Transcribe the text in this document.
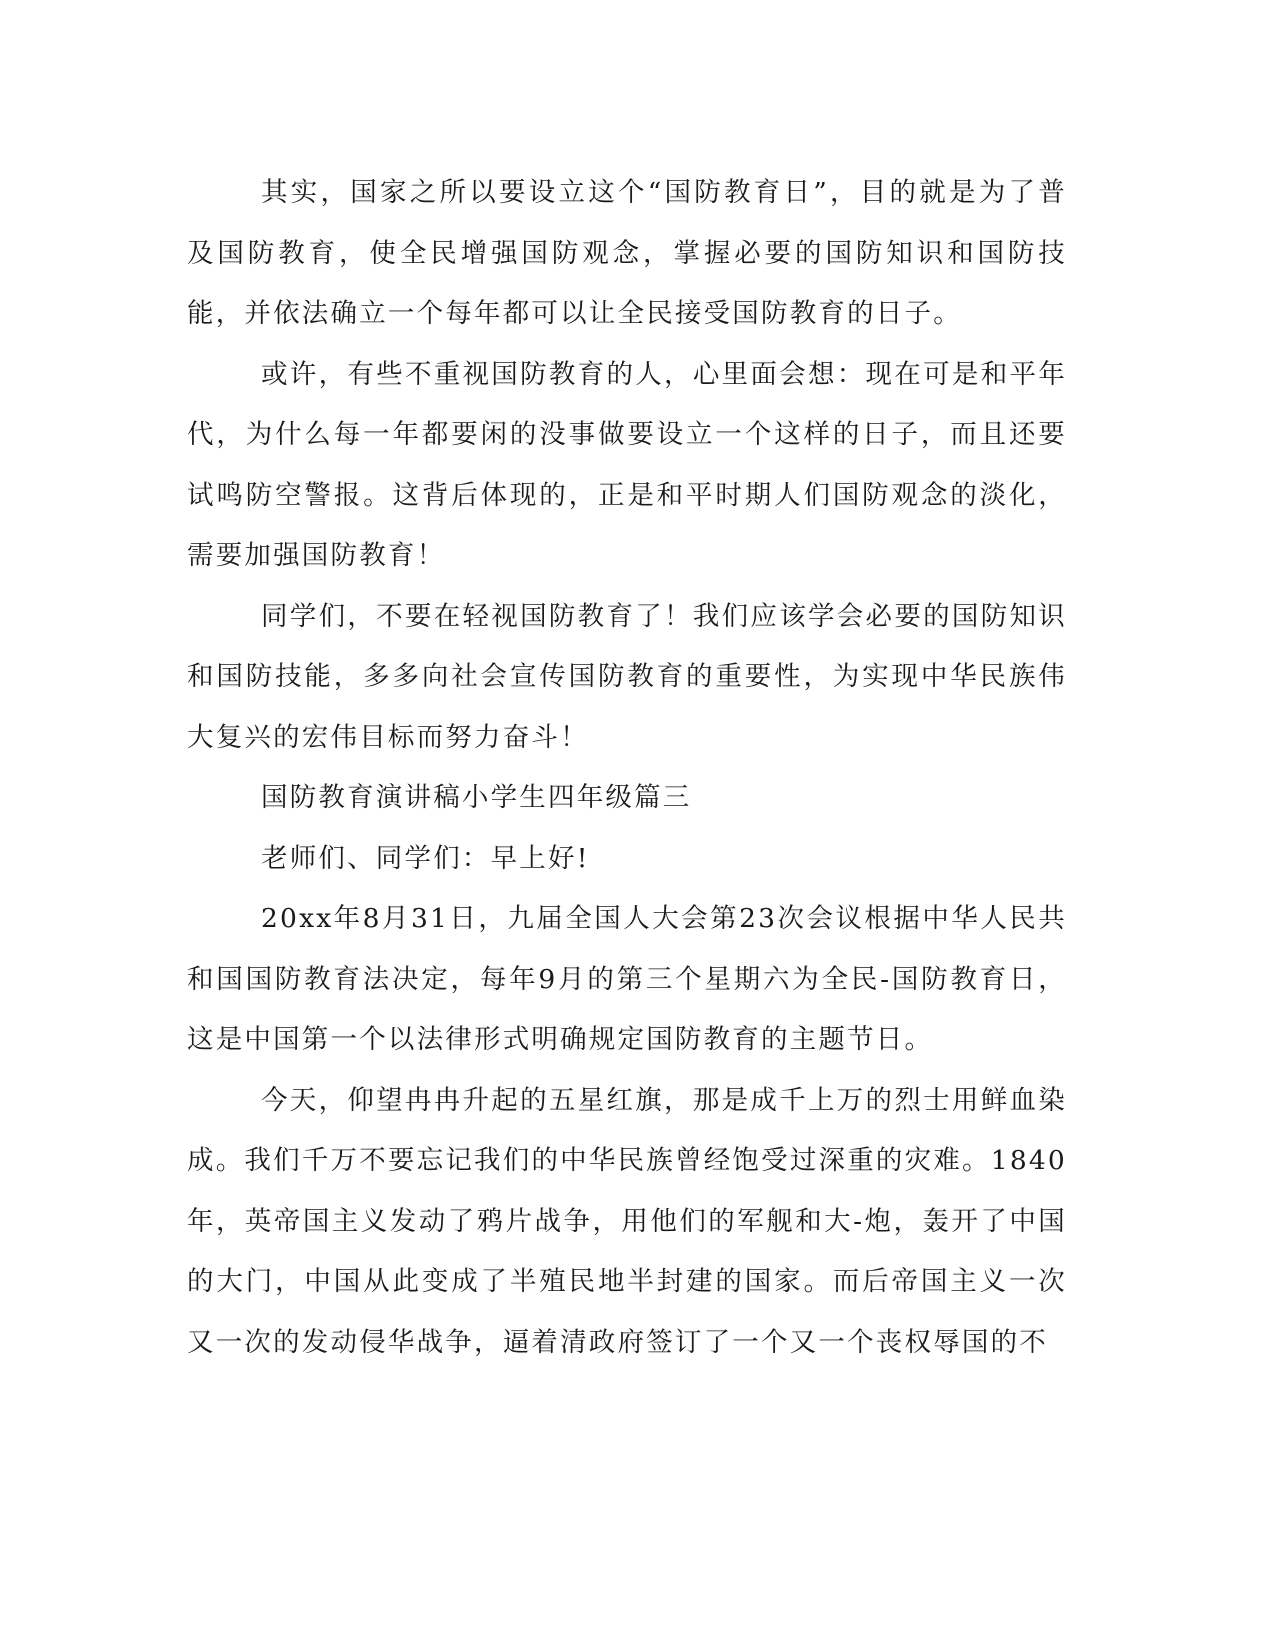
其实，国家之所以要设立这个“国防教育日”，目的就是为了普及国防教育，使全民增强国防观念，掌握必要的国防知识和国防技能，并依法确立一个每年都可以让全民接受国防教育的日子。

或许，有些不重视国防教育的人，心里面会想：现在可是和平年代，为什么每一年都要闲的没事做要设立一个这样的日子，而且还要试鸣防空警报。这背后体现的，正是和平时期人们国防观念的淡化，需要加强国防教育！

同学们，不要在轻视国防教育了！我们应该学会必要的国防知识和国防技能，多多向社会宣传国防教育的重要性，为实现中华民族伟大复兴的宏伟目标而努力奋斗！

国防教育演讲稿小学生四年级篇三

老师们、同学们：早上好!

20xx年8月31日，九届全国人大会第23次会议根据中华人民共和国国防教育法决定，每年9月的第三个星期六为全民-国防教育日，这是中国第一个以法律形式明确规定国防教育的主题节日。

今天，仰望冉冉升起的五星红旗，那是成千上万的烈士用鲜血染成。我们千万不要忘记我们的中华民族曾经饱受过深重的灾难。1840年，英帝国主义发动了鸦片战争，用他们的军舰和大-炮，轰开了中国的大门，中国从此变成了半殖民地半封建的国家。而后帝国主义一次又一次的发动侵华战争，逼着清政府签订了一个又一个丧权辱国的不
